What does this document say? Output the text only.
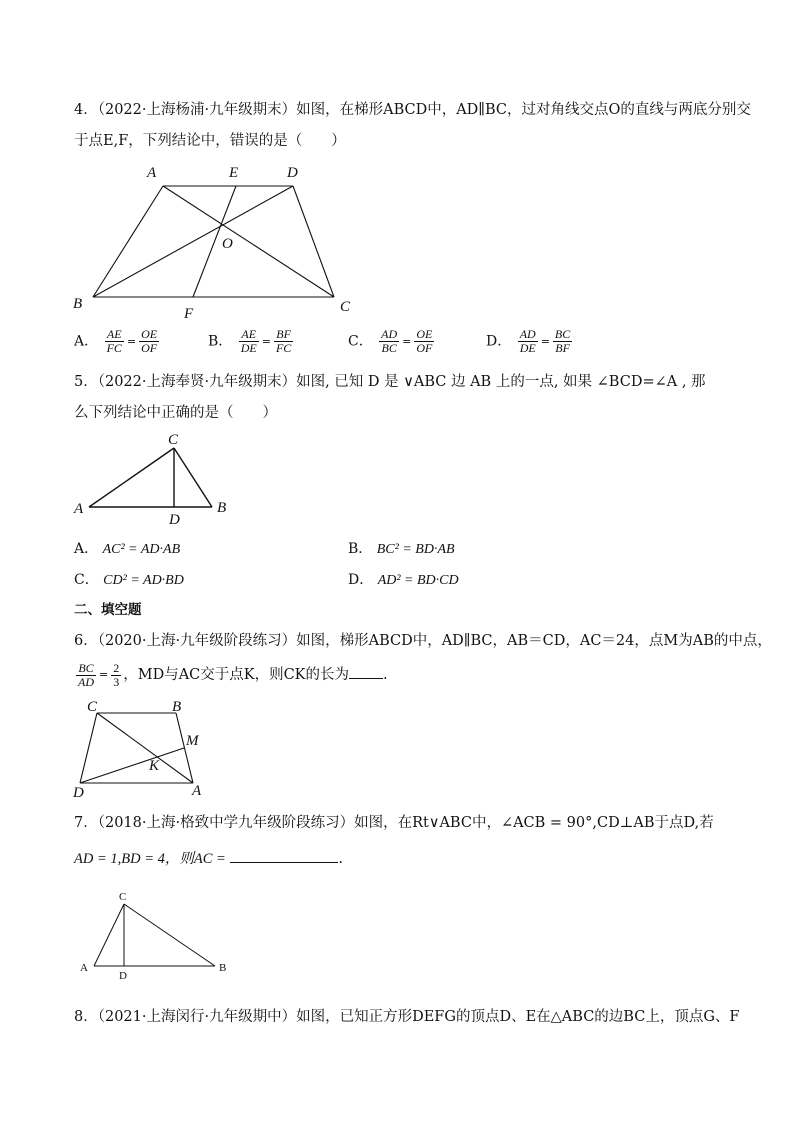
4．（2022·上海杨浦·九年级期末）如图，在梯形ABCD中，AD∥BC，过对角线交点O的直线与两底分别交
于点E,F，下列结论中，错误的是（　　）
A	E	D
O
B
F	C
C
A
D
B
C	B
M
K
D	A
C
A
D
B
A． $\frac{AE}{FC} = \frac{OE}{OF}$	B． $\frac{AE}{DE} = \frac{BF}{FC}$	C． $\frac{AD}{BC} = \frac{OE}{OF}$	D． $\frac{AD}{DE} = \frac{BC}{BF}$
5．（2022·上海奉贤·九年级期末）如图, 已知 D 是 ∨ABC 边 AB 上的一点, 如果 ∠BCD=∠A , 那
么下列结论中正确的是（　　）
A． AC² = AD·AB	B． BC² = BD·AB
C． CD² = AD·BD	D． AD² = BD·CD
二、填空题
6．（2020·上海·九年级阶段练习）如图，梯形ABCD中，AD∥BC，AB＝CD，AC＝24，点M为AB的中点，
$\frac{BC}{AD} = \frac{2}{3}$ ，MD与AC交于点K，则CK的长为 .
7．（2018·上海·格致中学九年级阶段练习）如图，在Rt∨ABC中，∠ACB = 90°,CD⊥AB于点D,若
AD = 1,BD = 4，则AC =	.
8．（2021·上海闵行·九年级期中）如图，已知正方形DEFG的顶点D、E在△ABC的边BC上，顶点G、F
